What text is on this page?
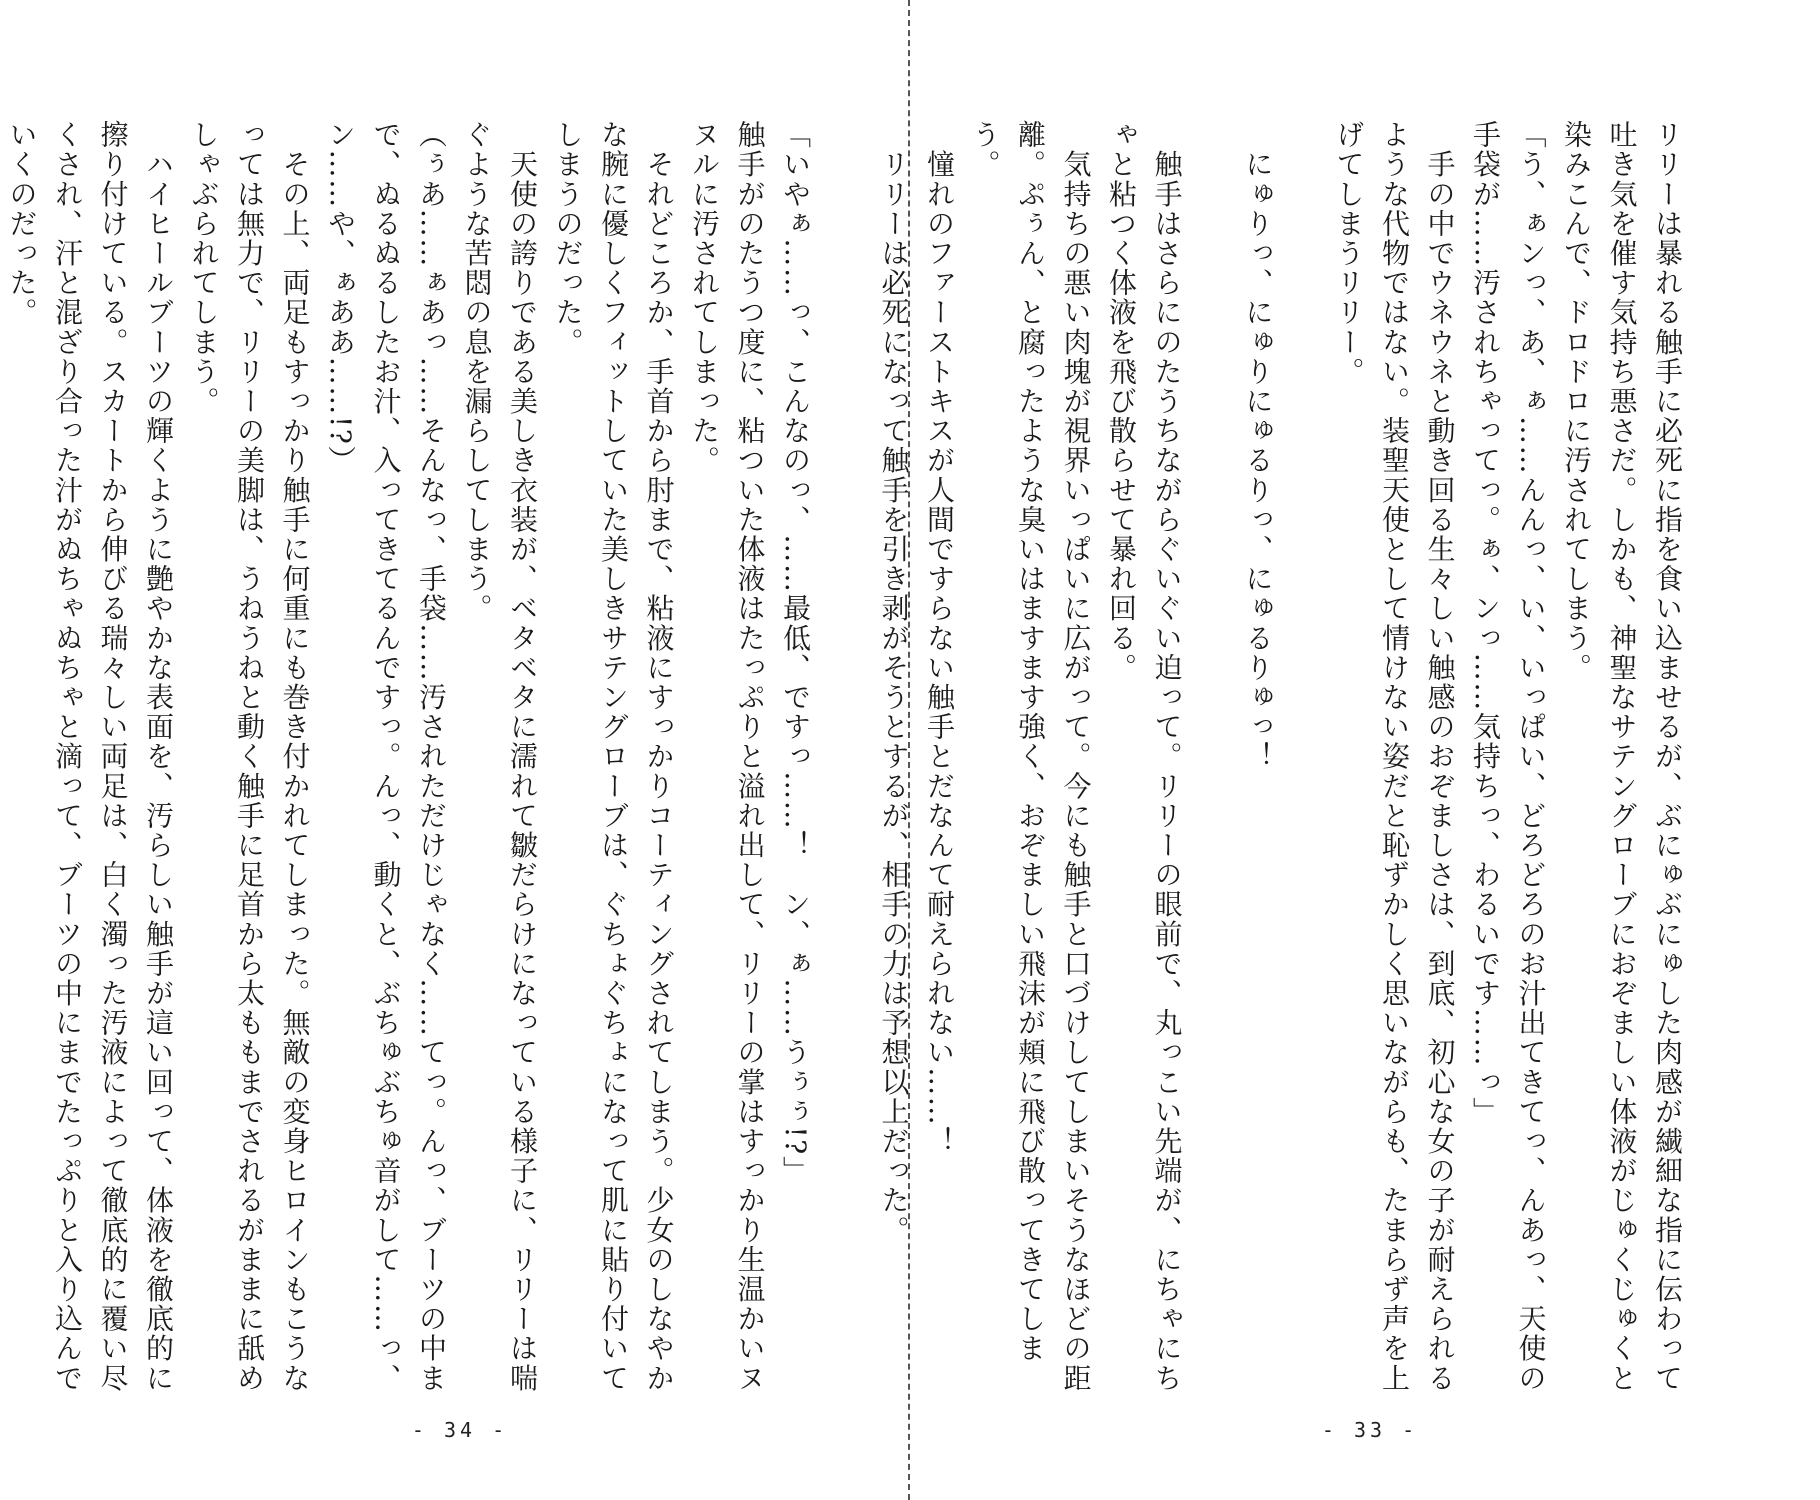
「いやぁ……っ、こんなのっ、……最低、ですっ……！　ン、ぁ……うぅぅ!?」
触手がのたうつ度に、粘ついた体液はたっぷりと溢れ出して、リリーの掌はすっかり生温かいヌヌルに汚されてしまった。
　それどころか、手首から肘まで、粘液にすっかりコーティングされてしまう。少女のしなやかな腕に優しくフィットしていた美しきサテングローブは、ぐちょぐちょになって肌に貼り付いてしまうのだった。
　天使の誇りである美しき衣装が、ベタベタに濡れて皺だらけになっている様子に、リリーは喘ぐような苦悶の息を漏らしてしまう。
（ぅあ……ぁあっ……そんなっ、手袋……汚されただけじゃなく……てっ。んっ、ブーツの中まで、ぬるぬるしたお汁、入ってきてるんですっ。んっ、動くと、ぶちゅぶちゅ音がして……っ、ン……や、ぁああ……!?）
　その上、両足もすっかり触手に何重にも巻き付かれてしまった。無敵の変身ヒロインもこうなっては無力で、リリーの美脚は、うねうねと動く触手に足首から太ももまでされるがままに舐めしゃぶられてしまう。
　ハイヒールブーツの輝くように艶やかな表面を、汚らしい触手が這い回って、体液を徹底的に擦り付けている。スカートから伸びる瑞々しい両足は、白く濁った汚液によって徹底的に覆い尽くされ、汗と混ざり合った汁がぬちゃぬちゃと滴って、ブーツの中にまでたっぷりと入り込んでいくのだった。

- 34 -

リリーは暴れる触手に必死に指を食い込ませるが、ぶにゅぶにゅした肉感が繊細な指に伝わって吐き気を催す気持ち悪さだ。しかも、神聖なサテングローブにおぞましい体液がじゅくじゅくと染みこんで、ドロドロに汚されてしまう。
「う、ぁンっ、あ、ぁ……んんっ、い、いっぱい、どろどろのお汁出てきてっ、んあっ、天使の手袋が……汚されちゃってっ。ぁ、ンっ……気持ちっ、わるいです……っ」
　手の中でウネウネと動き回る生々しい触感のおぞましさは、到底、初心な女の子が耐えられるような代物ではない。装聖天使として情けない姿だと恥ずかしく思いながらも、たまらず声を上げてしまうリリー。

　にゅりっ、にゅりにゅるりっ、にゅるりゅっ！

　触手はさらにのたうちながらぐいぐい迫って。リリーの眼前で、丸っこい先端が、にちゃにちゃと粘つく体液を飛び散らせて暴れ回る。
　気持ちの悪い肉塊が視界いっぱいに広がって。今にも触手と口づけしてしまいそうなほどの距離。ぷぅん、と腐ったような臭いはますます強く、おぞましい飛沫が頬に飛び散ってきてしまう。
　憧れのファーストキスが人間ですらない触手とだなんて耐えられない……！
　リリーは必死になって触手を引き剥がそうとするが、相手の力は予想以上だった。

- 33 -
